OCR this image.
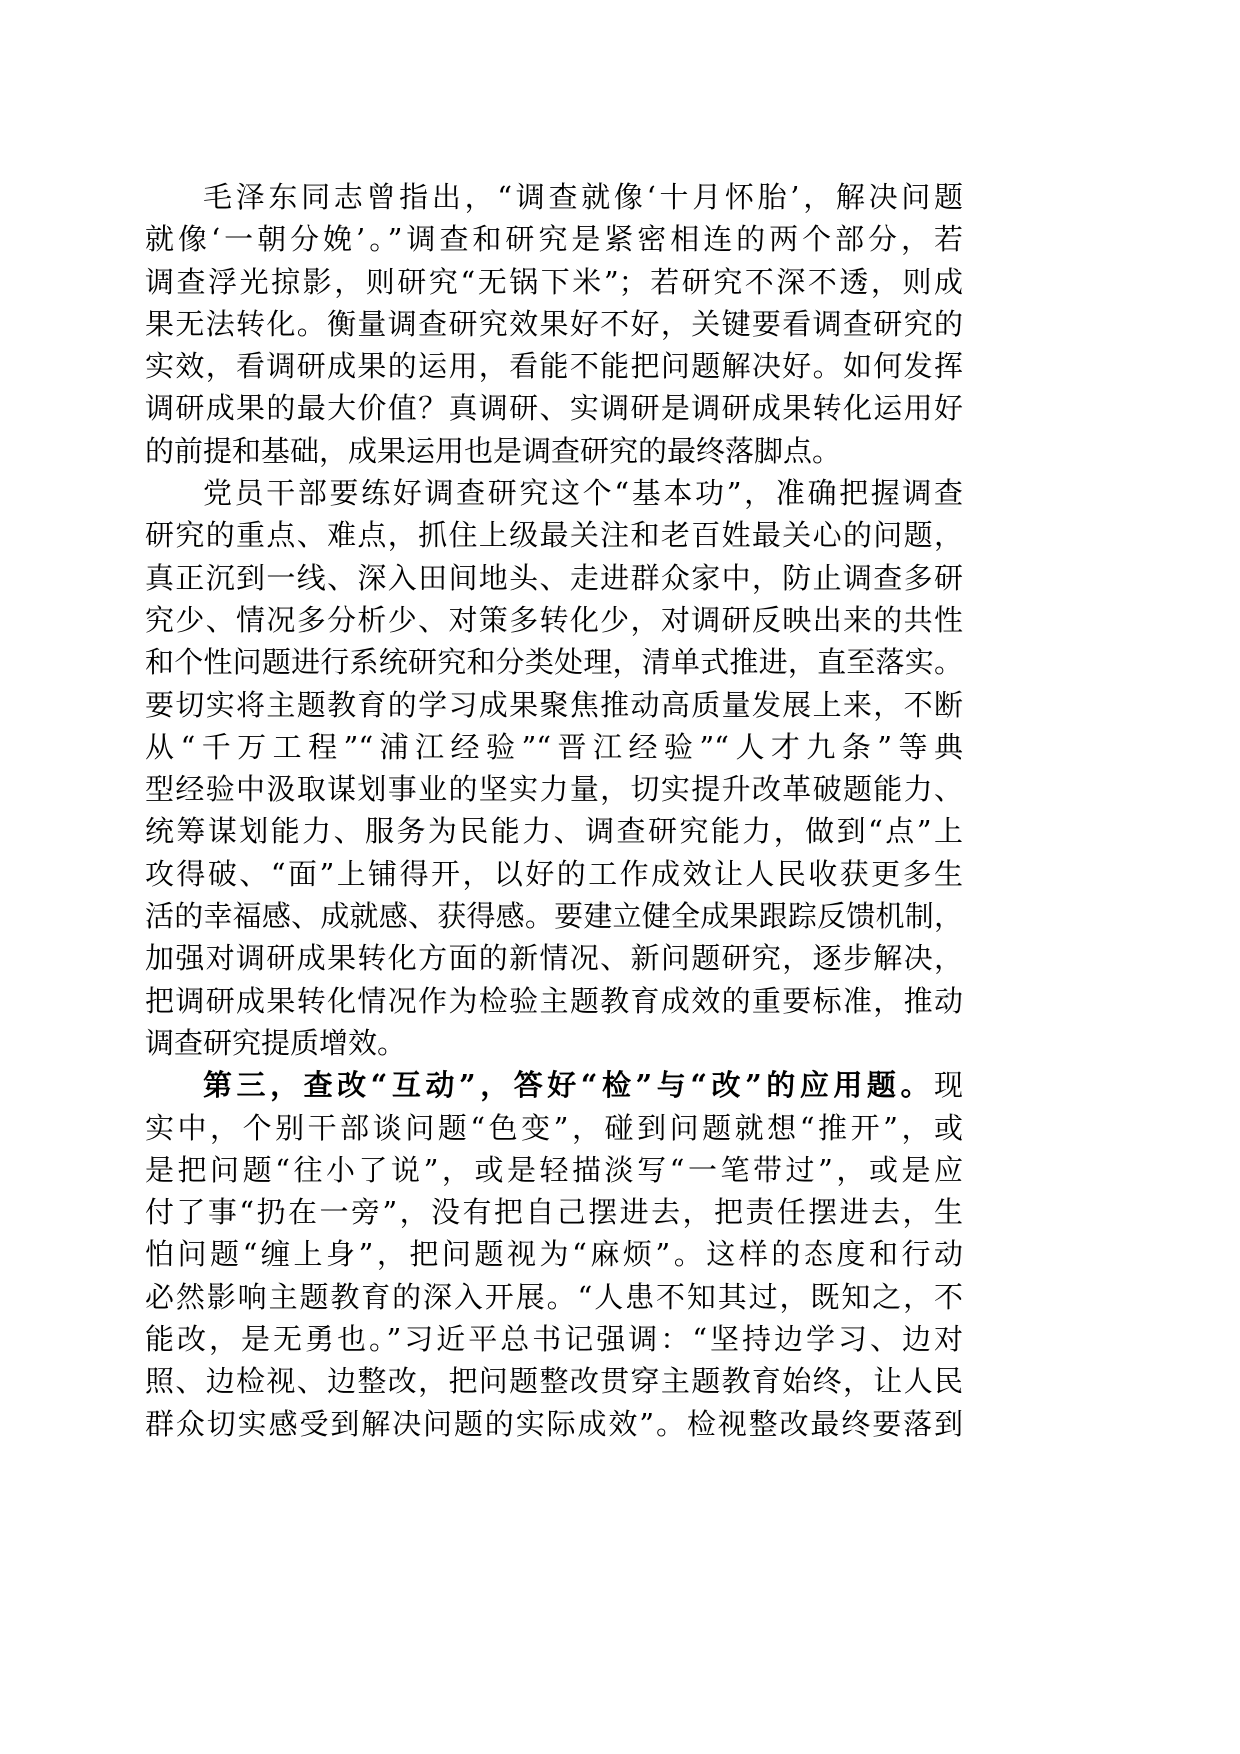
毛泽东同志曾指出，“调查就像‘十月怀胎’，解决问题
就像‘一朝分娩’。”调查和研究是紧密相连的两个部分，若
调查浮光掠影，则研究“无锅下米”；若研究不深不透，则成
果无法转化。衡量调查研究效果好不好，关键要看调查研究的
实效，看调研成果的运用，看能不能把问题解决好。如何发挥
调研成果的最大价值？真调研、实调研是调研成果转化运用好
的前提和基础，成果运用也是调查研究的最终落脚点。
党员干部要练好调查研究这个“基本功”，准确把握调查
研究的重点、难点，抓住上级最关注和老百姓最关心的问题，
真正沉到一线、深入田间地头、走进群众家中，防止调查多研
究少、情况多分析少、对策多转化少，对调研反映出来的共性
和个性问题进行系统研究和分类处理，清单式推进，直至落实。
要切实将主题教育的学习成果聚焦推动高质量发展上来，不断
从“千万工程”“浦江经验”“晋江经验”“人才九条”等典
型经验中汲取谋划事业的坚实力量，切实提升改革破题能力、
统筹谋划能力、服务为民能力、调查研究能力，做到“点”上
攻得破、“面”上铺得开，以好的工作成效让人民收获更多生
活的幸福感、成就感、获得感。要建立健全成果跟踪反馈机制，
加强对调研成果转化方面的新情况、新问题研究，逐步解决，
把调研成果转化情况作为检验主题教育成效的重要标准，推动
调查研究提质增效。
第三，查改“互动”，答好“检”与“改”的应用题。现
实中，个别干部谈问题“色变”，碰到问题就想“推开”，或
是把问题“往小了说”，或是轻描淡写“一笔带过”，或是应
付了事“扔在一旁”，没有把自己摆进去，把责任摆进去，生
怕问题“缠上身”，把问题视为“麻烦”。这样的态度和行动
必然影响主题教育的深入开展。“人患不知其过，既知之，不
能改，是无勇也。”习近平总书记强调：“坚持边学习、边对
照、边检视、边整改，把问题整改贯穿主题教育始终，让人民
群众切实感受到解决问题的实际成效”。检视整改最终要落到
